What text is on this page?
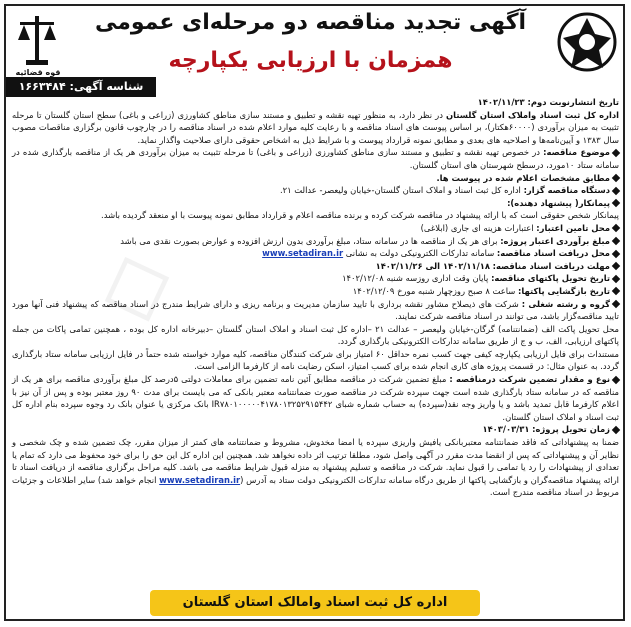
قوه قضائیه
آگهی تجدید مناقصه دو مرحله‌ای عمومی
همزمان با ارزیابی یکپارچه
شناسه آگهی: ۱۶۶۳۴۸۴
◇

تاریخ انتشارنوبت دوم: ۱۴۰۲/۱۱/۲۳

اداره کل ثبت اسناد واملاک استان گلستان در نظر دارد، به منظور تهیه نقشه و تطبیق و مستند سازی مناطق کشاورزی (زراعی و باغی) سطح استان گلستان تا مرحله تثبیت به میزان برآوردی (۶۰۰۰۰هکتار)، بر اساس پیوست های اسناد مناقصه و با رعایت کلیه موارد اعلام شده در اسناد مناقصه را در چارچوب قانون برگزاری مناقصات مصوب سال ۱۳۸۳ و آیین‌نامه‌ها و اصلاحیه های بعدی و مطابق نمونه قرارداد پیوست و با شرایط ذیل به اشخاص حقوقی دارای صلاحیت واگذار نماید.

موضوع مناقصه: در خصوص تهیه نقشه و تطبیق و مستند سازی مناطق کشاورزی (زراعی و باغی) تا مرحله تثبیت به میزان برآوردی هر یک از مناقصه بارگذاری شده در سامانه ستاد ۱۰مورد، درسطح شهرستان های استان گلستان.

مطابق مشخصات اعلام شده در پیوست ها.

دستگاه مناقصه گزار: اداره کل ثبت اسناد و املاک استان گلستان-خیابان ولیعصر- عدالت ۲۱.

پیمانکار( پیشنهاد دهنده):

پیمانکار شخص حقوقی است که با ارائه پیشنهاد در مناقصه شرکت کرده و برنده مناقصه اعلام و قرارداد مطابق نمونه پیوست با او منعقد گردیده باشد.

محل تامین اعتبار: اعتبارات هزینه ای جاری (ابلاغی)

مبلغ برآوردی اعتبار پروژه: برای هر یک از مناقصه ها در سامانه ستاد، مبلغ برآوردی بدون ارزش افزوده و عوارض بصورت نقدی می باشد

محل دریافت اسناد مناقصه: سامانه تدارکات الکترونیکی دولت به نشانی www.setadiran.ir

مهلت دریافت اسناد مناقصه: ۱۴۰۲/۱۱/۱۸ الی ۱۴۰۲/۱۱/۲۶

تاریخ تحویل پاکتهای مناقصه: پایان وقت اداری روزسه شنبه ۱۴۰۲/۱۲/۰۸

تاریخ بازگشایی پاکتها: ساعت ۸ صبح روزچهار شنبه مورخ ۱۴۰۲/۱۲/۰۹

گروه و رشته شغلی : شرکت های ذیصلاح مشاور نقشه برداری با تایید سازمان مدیریت و برنامه ریزی و دارای شرایط مندرج در اسناد مناقصه که پیشنهاد فنی آنها مورد تایید مناقصه‌گزار باشد، می توانند در اسناد مناقصه شرکت نمایند.

محل تحویل پاکت الف (ضمانتنامه) گرگان-خیابان ولیعصر – عدالت ۲۱ –اداره کل ثبت اسناد و املاک استان گلستان –دبیرخانه اداره کل بوده ، همچنین تمامی پاکات من جمله پاکتهای ارزیابی، الف، ب و ج از طریق سامانه تدارکات الکترونیکی بارگذاری گردد.

مستندات برای فایل ارزیابی یکپارچه کیفی جهت کسب نمره حداقل ۶۰ امتیاز برای شرکت کنندگان مناقصه، کلیه موارد خواسته شده حتماً در فایل ارزیابی سامانه ستاد بارگذاری گردد. به عنوان مثال: در قسمت پروژه های کاری انجام شده برای کسب امتیاز، اسکن رضایت نامه از کارفرما الزامی است.

نوع و مقدار تضمین شرکت درمناقصه : مبلغ تضمین شرکت در مناقصه مطابق آئین نامه تضمین برای معاملات دولتی ۵درصد کل مبلغ برآوردی مناقصه برای هر یک از مناقصه که در سامانه ستاد بارگذاری شده است جهت سپرده شرکت در مناقصه صورت ضمانتنامه معتبر بانکی که می بایست برای مدت ۹۰ روز معتبر بوده و پس از آن نیز با اعلام کارفرما قابل تمدید باشد و یا واریز وجه نقد(سپرده) به حساب شماره شبای IR۷۸۰۱۰۰۰۰۰۴۱۷۸۰۱۳۲۵۲۹۱۵۴۴۲ بانک مرکزی یا عنوان بانک رد وجوه سپرده بنام اداره کل ثبت اسناد و املاک استان گلستان.

زمان تحویل پروژه: ۱۴۰۳/۰۳/۳۱

ضمنا به پیشنهاداتی که فاقد ضمانتنامه معتبربانکی یافیش واریزی سپرده یا امضا مخدوش، مشروط و ضمانتنامه های کمتر از میزان مقرر، چک تضمین شده و چک شخصی و نظایر آن و پیشنهاداتی که پس از انقضا مدت مقرر در آگهی واصل شود، مطلقا ترتیب اثر داده نخواهد شد. همچنین این اداره کل این حق را برای خود محفوظ می دارد که تمام یا تعدادی از پیشنهادات را رد یا تمامی را قبول نماید. شرکت در مناقصه و تسلیم پیشنهاد به منزله قبول شرایط مناقصه می باشد. کلیه مراحل برگزاری مناقصه از دریافت اسناد تا ارائه پیشنهاد مناقصه‌گران و بازگشایی پاکتها از طریق درگاه سامانه تدارکات الکترونیکی دولت ستاد به آدرس (www.setadiran.ir انجام خواهد شد) سایر اطلاعات و جزئیات مربوط در اسناد مناقصه مندرج است.

اداره کل ثبت اسناد وامالک استان گلستان
